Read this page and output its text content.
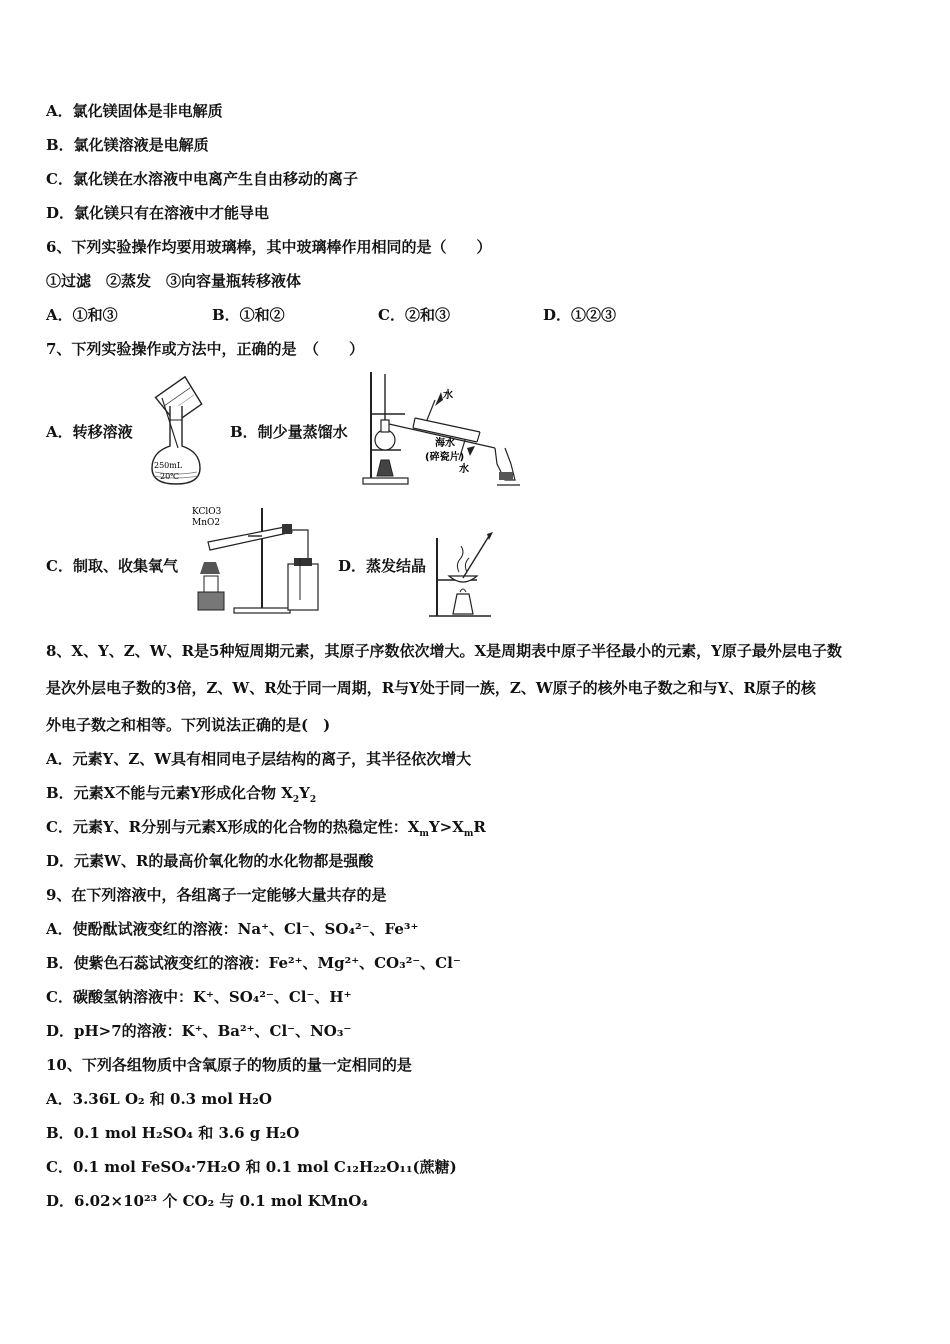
A．氯化镁固体是非电解质
B．氯化镁溶液是电解质
C．氯化镁在水溶液中电离产生自由移动的离子
D．氯化镁只有在溶液中才能导电
6、下列实验操作均要用玻璃棒，其中玻璃棒作用相同的是（　　）
①过滤　②蒸发　③向容量瓶转移液体
A．①和③	B．①和②	C．②和③	D．①②③
7、下列实验操作或方法中，正确的是　（　　）
A．转移溶液
250mL
20℃
B．制少量蒸馏水
水
水
海水
(碎瓷片)
C．制取、收集氧气
KClO3
MnO2
D．蒸发结晶
8、X、Y、Z、W、R是5种短周期元素，其原子序数依次增大。X是周期表中原子半径最小的元素，Y原子最外层电子数
是次外层电子数的3倍，Z、W、R处于同一周期，R与Y处于同一族，Z、W原子的核外电子数之和与Y、R原子的核
外电子数之和相等。下列说法正确的是(　)
A．元素Y、Z、W具有相同电子层结构的离子，其半径依次增大
B．元素X不能与元素Y形成化合物 $X_2Y_2$
C．元素Y、R分别与元素X形成的化合物的热稳定性：$X_mY>X_mR$
D．元素W、R的最高价氧化物的水化物都是强酸
9、在下列溶液中，各组离子一定能够大量共存的是
A．使酚酞试液变红的溶液：Na⁺、Cl⁻、SO₄²⁻、Fe³⁺
B．使紫色石蕊试液变红的溶液：Fe²⁺、Mg²⁺、CO₃²⁻、Cl⁻
C．碳酸氢钠溶液中：K⁺、SO₄²⁻、Cl⁻、H⁺
D．pH>7的溶液：K⁺、Ba²⁺、Cl⁻、NO₃⁻
10、下列各组物质中含氧原子的物质的量一定相同的是
A．3.36L O₂ 和 0.3 mol H₂O
B．0.1 mol H₂SO₄ 和 3.6 g H₂O
C．0.1 mol FeSO₄·7H₂O 和 0.1 mol C₁₂H₂₂O₁₁(蔗糖)
D．6.02×10²³ 个 CO₂ 与 0.1 mol KMnO₄
